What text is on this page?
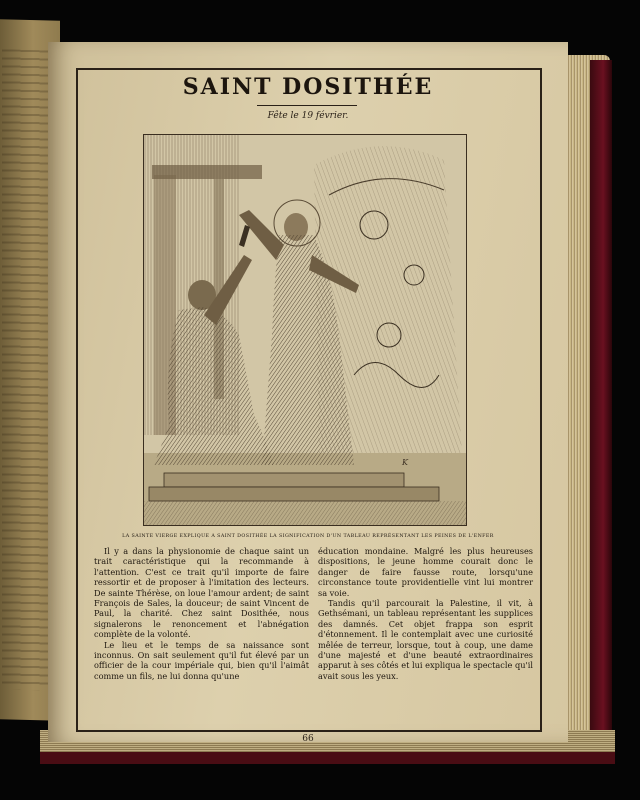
SAINT DOSITHÉE
Fête le 19 février.
K
LA SAINTE VIERGE EXPLIQUE A SAINT DOSITHÉE LA SIGNIFICATION D'UN TABLEAU REPRÉSENTANT LES PEINES DE L'ENFER

Il y a dans la physionomie de chaque saint un trait caractéristique qui la recommande à l'attention. C'est ce trait qu'il importe de faire ressortir et de proposer à l'imitation des lecteurs. De sainte Thérèse, on loue l'amour ardent; de saint François de Sales, la douceur; de saint Vincent de Paul, la charité. Chez saint Dosithée, nous signalerons le renoncement et l'abnégation complète de la volonté.

Le lieu et le temps de sa naissance sont inconnus. On sait seulement qu'il fut élevé par un officier de la cour impériale qui, bien qu'il l'aimât comme un fils, ne lui donna qu'une

éducation mondaine. Malgré les plus heureuses dispositions, le jeune homme courait donc le danger de faire fausse route, lorsqu'une circonstance toute providentielle vint lui montrer sa voie.

Tandis qu'il parcourait la Palestine, il vit, à Gethsémani, un tableau représentant les supplices des damnés. Cet objet frappa son esprit d'étonnement. Il le contemplait avec une curiosité mêlée de terreur, lorsque, tout à coup, une dame d'une majesté et d'une beauté extraordinaires apparut à ses côtés et lui expliqua le spectacle qu'il avait sous les yeux.

66
